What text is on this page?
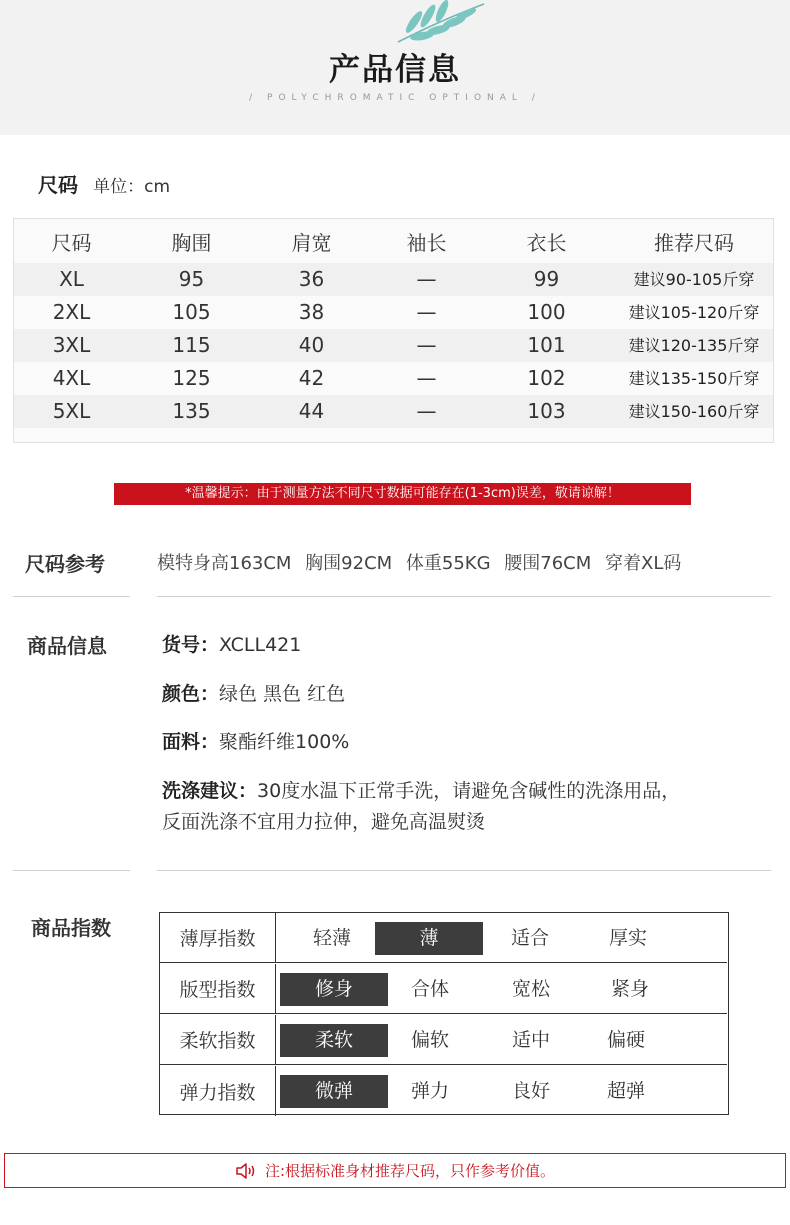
产品信息
/ POLYCHROMATIC OPTIONAL /
尺码 单位：cm
尺码	胸围	肩宽	袖长	衣长	推荐尺码
XL	95	36	—	99	建议90-105斤穿
2XL	105	38	—	100	建议105-120斤穿
3XL	115	40	—	101	建议120-135斤穿
4XL	125	42	—	102	建议135-150斤穿
5XL	135	44	—	103	建议150-160斤穿
*温馨提示：由于测量方法不同尺寸数据可能存在(1-3cm)误差，敬请谅解！
尺码参考	模特身高163CM 胸围92CM 体重55KG 腰围76CM 穿着XL码
商品信息	货号：XCLL421
颜色：绿色 黑色 红色
面料：聚酯纤维100%
洗涤建议：30度水温下正常手洗，请避免含碱性的洗涤用品，
反面洗涤不宜用力拉伸，避免高温熨烫
商品指数	薄厚指数	轻薄	薄	适合	厚实
版型指数	修身	合体	宽松	紧身
柔软指数	柔软	偏软	适中	偏硬
弹力指数	微弹	弹力	良好	超弹
注:根据标准身材推荐尺码，只作参考价值。
